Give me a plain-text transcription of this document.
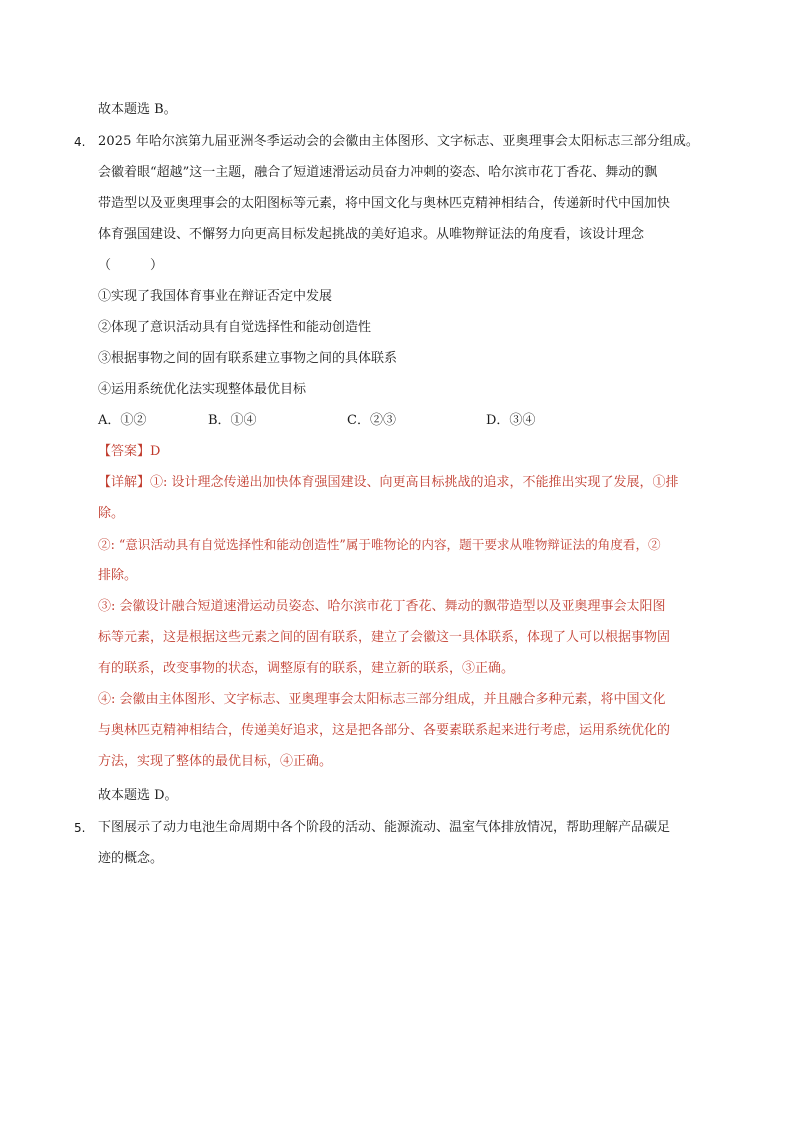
故本题选 B。
4. 2025 年哈尔滨第九届亚洲冬季运动会的会徽由主体图形、文字标志、亚奥理事会太阳标志三部分组成。
会徽着眼“超越”这一主题，融合了短道速滑运动员奋力冲刺的姿态、哈尔滨市花丁香花、舞动的飘
带造型以及亚奥理事会的太阳图标等元素，将中国文化与奥林匹克精神相结合，传递新时代中国加快
体育强国建设、不懈努力向更高目标发起挑战的美好追求。从唯物辩证法的角度看，该设计理念
（　　　）
①实现了我国体育事业在辩证否定中发展
②体现了意识活动具有自觉选择性和能动创造性
③根据事物之间的固有联系建立事物之间的具体联系
④运用系统优化法实现整体最优目标
A．①②	B．①④	C．②③	D．③④
【答案】D
【详解】①: 设计理念传递出加快体育强国建设、向更高目标挑战的追求，不能推出实现了发展，①排
除。
②: “意识活动具有自觉选择性和能动创造性”属于唯物论的内容，题干要求从唯物辩证法的角度看，②
排除。
③: 会徽设计融合短道速滑运动员姿态、哈尔滨市花丁香花、舞动的飘带造型以及亚奥理事会太阳图
标等元素，这是根据这些元素之间的固有联系，建立了会徽这一具体联系，体现了人可以根据事物固
有的联系，改变事物的状态，调整原有的联系，建立新的联系，③正确。
④: 会徽由主体图形、文字标志、亚奥理事会太阳标志三部分组成，并且融合多种元素，将中国文化
与奥林匹克精神相结合，传递美好追求，这是把各部分、各要素联系起来进行考虑，运用系统优化的
方法，实现了整体的最优目标，④正确。
故本题选 D。
5. 下图展示了动力电池生命周期中各个阶段的活动、能源流动、温室气体排放情况，帮助理解产品碳足
迹的概念。
